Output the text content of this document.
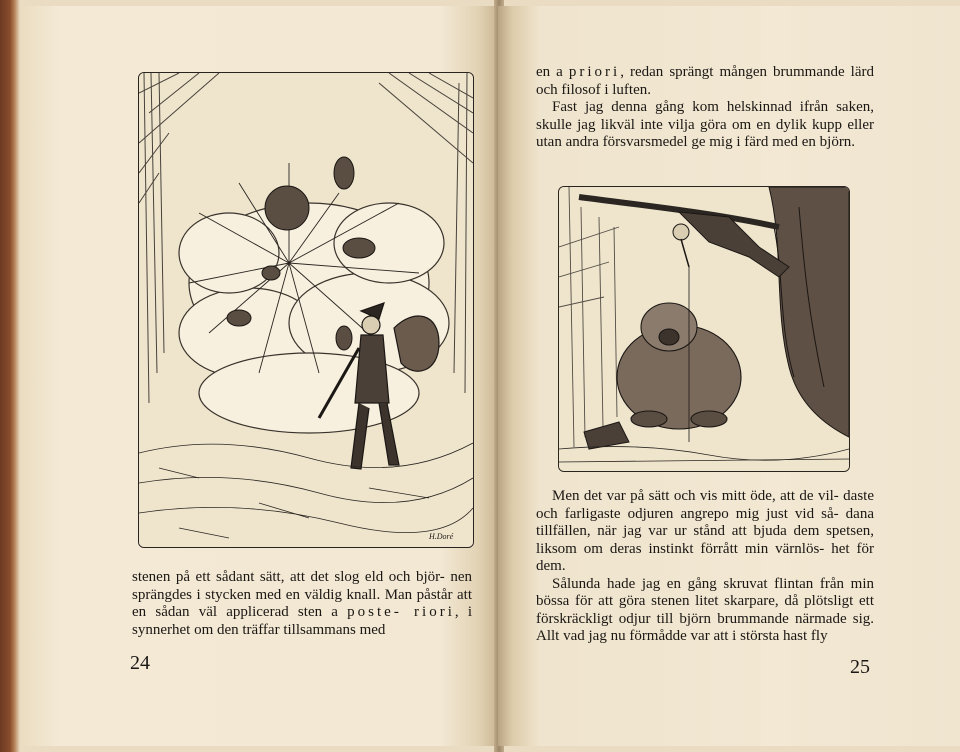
H.Doré

stenen på ett sådant sätt, att det slog eld och björ- nen sprängdes i stycken med en väldig knall. Man påstår att en sådan väl applicerad sten a poste- riori, i synnerhet om den träffar tillsammans med

24

en a priori, redan sprängt mången brummande lärd och filosof i luften.

Fast jag denna gång kom helskinnad ifrån saken, skulle jag likväl inte vilja göra om en dylik kupp eller utan andra försvarsmedel ge mig i färd med en björn.

Men det var på sätt och vis mitt öde, att de vil- daste och farligaste odjuren angrepo mig just vid så- dana tillfällen, när jag var ur stånd att bjuda dem spetsen, liksom om deras instinkt förrått min värnlös- het för dem.

Sålunda hade jag en gång skruvat flintan från min bössa för att göra stenen litet skarpare, då plötsligt ett förskräckligt odjur till björn brummande närmade sig. Allt vad jag nu förmådde var att i största hast fly

25
